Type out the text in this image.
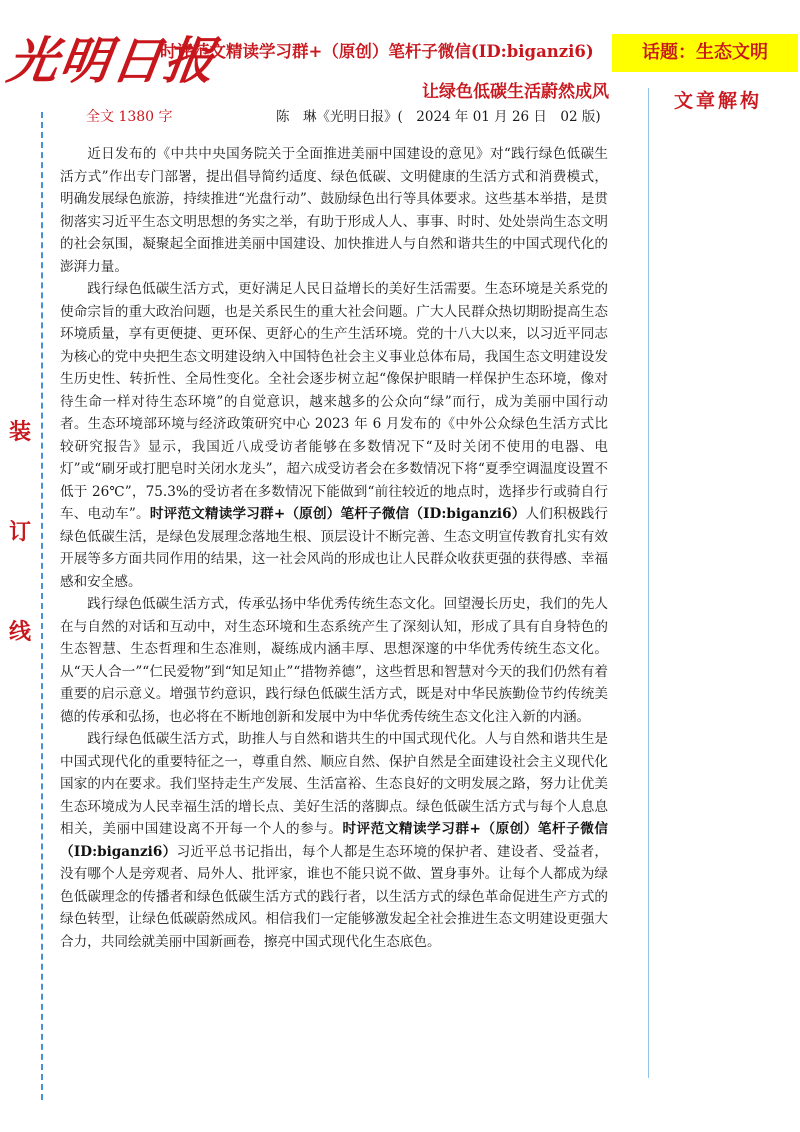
光明日报
时评范文精读学习群+（原创）笔杆子微信(ID:biganzi6)	话题：生态文明
让绿色低碳生活蔚然成风	文章解构
装
订
线
全文 1380 字	陈　琳《光明日报》(　2024 年 01 月 26 日　02 版)

近日发布的《中共中央国务院关于全面推进美丽中国建设的意见》对“践行绿色低碳生活方式”作出专门部署，提出倡导简约适度、绿色低碳、文明健康的生活方式和消费模式，明确发展绿色旅游，持续推进“光盘行动”、鼓励绿色出行等具体要求。这些基本举措，是贯彻落实习近平生态文明思想的务实之举，有助于形成人人、事事、时时、处处崇尚生态文明的社会氛围，凝聚起全面推进美丽中国建设、加快推进人与自然和谐共生的中国式现代化的澎湃力量。

践行绿色低碳生活方式，更好满足人民日益增长的美好生活需要。生态环境是关系党的使命宗旨的重大政治问题，也是关系民生的重大社会问题。广大人民群众热切期盼提高生态环境质量，享有更便捷、更环保、更舒心的生产生活环境。党的十八大以来，以习近平同志为核心的党中央把生态文明建设纳入中国特色社会主义事业总体布局，我国生态文明建设发生历史性、转折性、全局性变化。全社会逐步树立起“像保护眼睛一样保护生态环境，像对待生命一样对待生态环境”的自觉意识，越来越多的公众向“绿”而行，成为美丽中国行动者。生态环境部环境与经济政策研究中心 2023 年 6 月发布的《中外公众绿色生活方式比较研究报告》显示，我国近八成受访者能够在多数情况下“及时关闭不使用的电器、电灯”或“刷牙或打肥皂时关闭水龙头”，超六成受访者会在多数情况下将“夏季空调温度设置不低于 26℃”，75.3%的受访者在多数情况下能做到“前往较近的地点时，选择步行或骑自行车、电动车”。时评范文精读学习群+（原创）笔杆子微信（ID:biganzi6）人们积极践行绿色低碳生活，是绿色发展理念落地生根、顶层设计不断完善、生态文明宣传教育扎实有效开展等多方面共同作用的结果，这一社会风尚的形成也让人民群众收获更强的获得感、幸福感和安全感。

践行绿色低碳生活方式，传承弘扬中华优秀传统生态文化。回望漫长历史，我们的先人在与自然的对话和互动中，对生态环境和生态系统产生了深刻认知，形成了具有自身特色的生态智慧、生态哲理和生态准则，凝练成内涵丰厚、思想深邃的中华优秀传统生态文化。从“天人合一”“仁民爱物”到“知足知止”“措物养德”，这些哲思和智慧对今天的我们仍然有着重要的启示意义。增强节约意识，践行绿色低碳生活方式，既是对中华民族勤俭节约传统美德的传承和弘扬，也必将在不断地创新和发展中为中华优秀传统生态文化注入新的内涵。

践行绿色低碳生活方式，助推人与自然和谐共生的中国式现代化。人与自然和谐共生是中国式现代化的重要特征之一，尊重自然、顺应自然、保护自然是全面建设社会主义现代化国家的内在要求。我们坚持走生产发展、生活富裕、生态良好的文明发展之路，努力让优美生态环境成为人民幸福生活的增长点、美好生活的落脚点。绿色低碳生活方式与每个人息息相关，美丽中国建设离不开每一个人的参与。时评范文精读学习群+（原创）笔杆子微信（ID:biganzi6）习近平总书记指出，每个人都是生态环境的保护者、建设者、受益者，没有哪个人是旁观者、局外人、批评家，谁也不能只说不做、置身事外。让每个人都成为绿色低碳理念的传播者和绿色低碳生活方式的践行者，以生活方式的绿色革命促进生产方式的绿色转型，让绿色低碳蔚然成风。相信我们一定能够激发起全社会推进生态文明建设更强大合力，共同绘就美丽中国新画卷，擦亮中国式现代化生态底色。
